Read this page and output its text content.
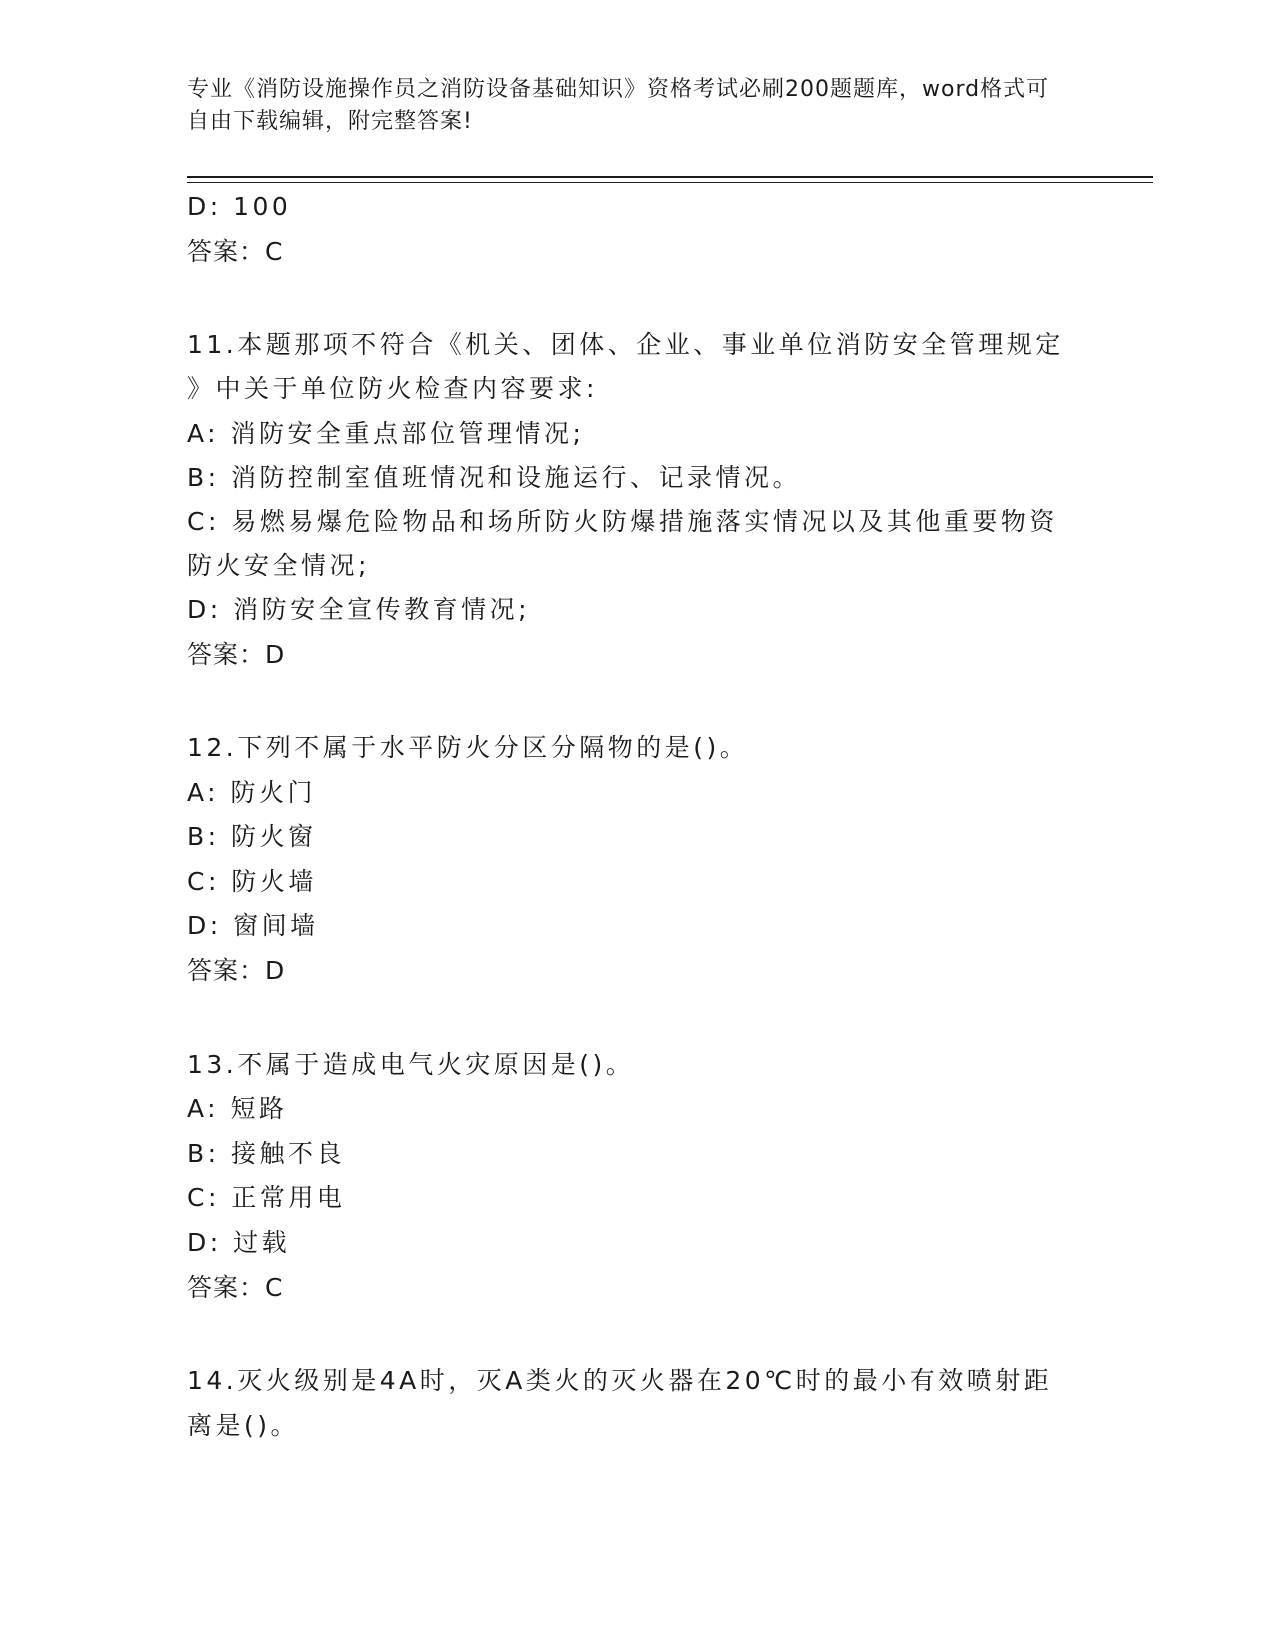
专业《消防设施操作员之消防设备基础知识》资格考试必刷200题题库，word格式可自由下载编辑，附完整答案!
D: 100
答案：C
11.本题那项不符合《机关、团体、企业、事业单位消防安全管理规定
》中关于单位防火检查内容要求:
A: 消防安全重点部位管理情况;
B: 消防控制室值班情况和设施运行、记录情况。
C: 易燃易爆危险物品和场所防火防爆措施落实情况以及其他重要物资
防火安全情况;
D: 消防安全宣传教育情况;
答案：D
12.下列不属于水平防火分区分隔物的是()。
A: 防火门
B: 防火窗
C: 防火墙
D: 窗间墙
答案：D
13.不属于造成电气火灾原因是()。
A: 短路
B: 接触不良
C: 正常用电
D: 过载
答案：C
14.灭火级别是4A时，灭A类火的灭火器在20℃时的最小有效喷射距
离是()。
